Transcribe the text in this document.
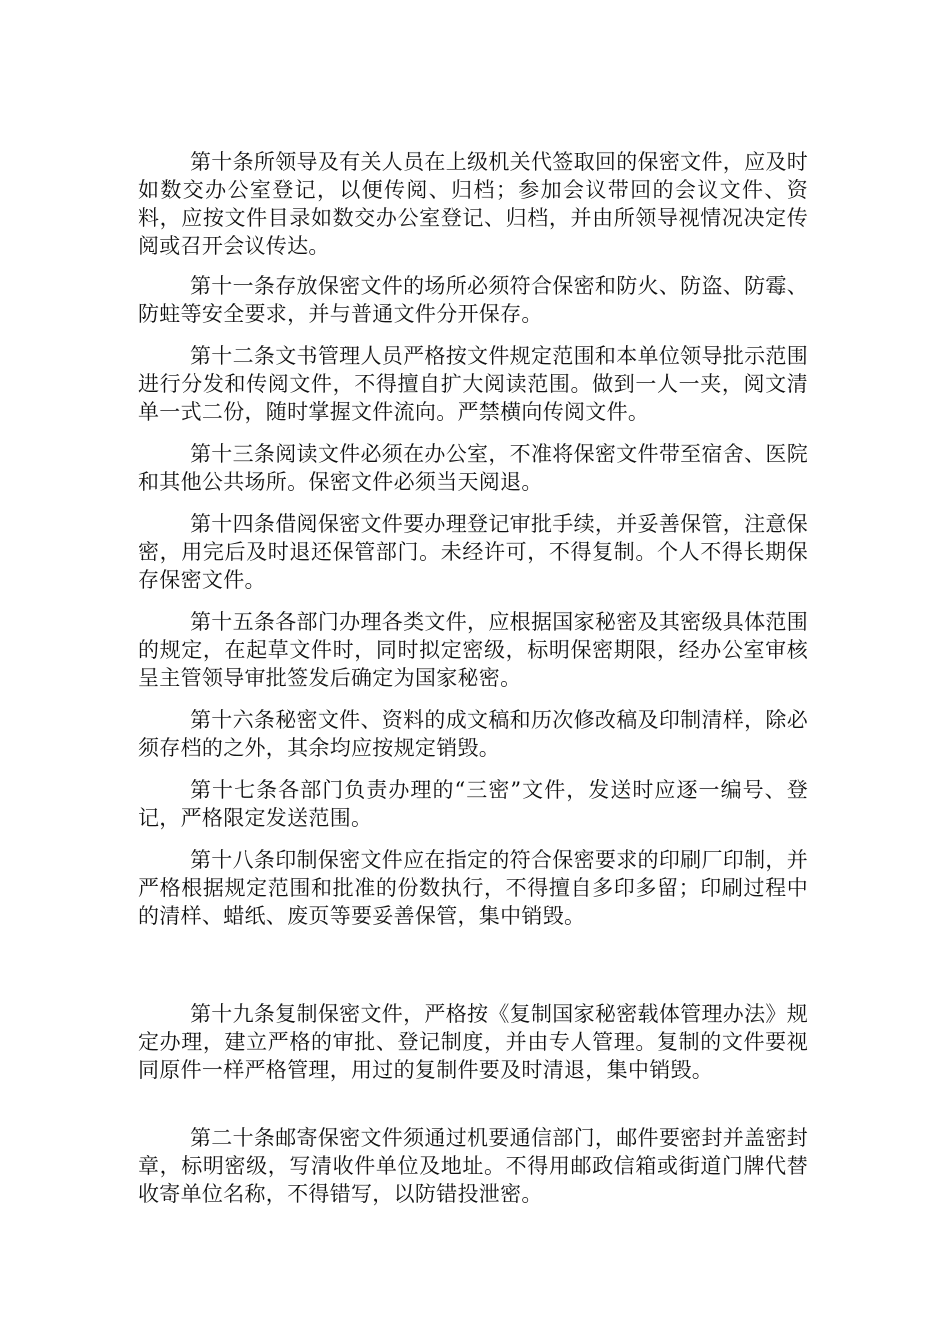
第十条所领导及有关人员在上级机关代签取回的保密文件，应及时如数交办公室登记，以便传阅、归档；参加会议带回的会议文件、资料，应按文件目录如数交办公室登记、归档，并由所领导视情况决定传阅或召开会议传达。

第十一条存放保密文件的场所必须符合保密和防火、防盗、防霉、防蛀等安全要求，并与普通文件分开保存。

第十二条文书管理人员严格按文件规定范围和本单位领导批示范围进行分发和传阅文件，不得擅自扩大阅读范围。做到一人一夹，阅文清单一式二份，随时掌握文件流向。严禁横向传阅文件。

第十三条阅读文件必须在办公室，不准将保密文件带至宿舍、医院和其他公共场所。保密文件必须当天阅退。

第十四条借阅保密文件要办理登记审批手续，并妥善保管，注意保密，用完后及时退还保管部门。未经许可，不得复制。个人不得长期保存保密文件。

第十五条各部门办理各类文件，应根据国家秘密及其密级具体范围的规定，在起草文件时，同时拟定密级，标明保密期限，经办公室审核呈主管领导审批签发后确定为国家秘密。

第十六条秘密文件、资料的成文稿和历次修改稿及印制清样，除必须存档的之外，其余均应按规定销毁。

第十七条各部门负责办理的“三密”文件，发送时应逐一编号、登记，严格限定发送范围。

第十八条印制保密文件应在指定的符合保密要求的印刷厂印制，并严格根据规定范围和批准的份数执行，不得擅自多印多留；印刷过程中的清样、蜡纸、废页等要妥善保管，集中销毁。

第十九条复制保密文件，严格按《复制国家秘密载体管理办法》规定办理，建立严格的审批、登记制度，并由专人管理。复制的文件要视同原件一样严格管理，用过的复制件要及时清退，集中销毁。

第二十条邮寄保密文件须通过机要通信部门，邮件要密封并盖密封章，标明密级，写清收件单位及地址。不得用邮政信箱或街道门牌代替收寄单位名称，不得错写，以防错投泄密。
